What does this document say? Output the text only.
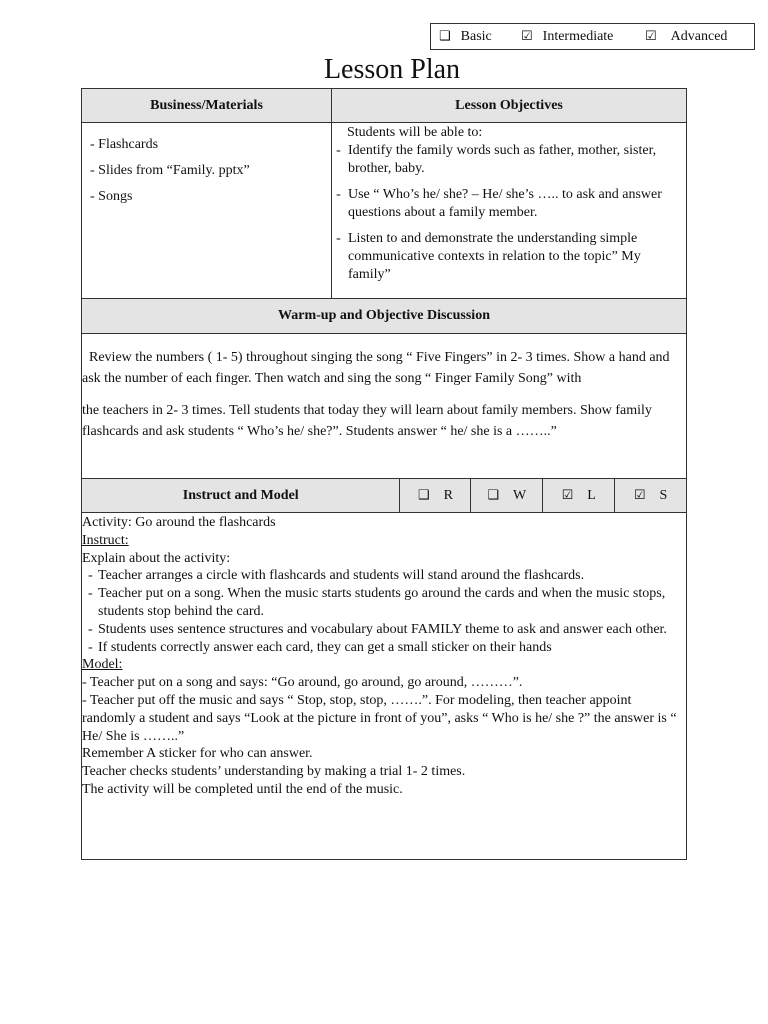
❑ Basic ☑ Intermediate ☑ Advanced
Lesson Plan
Business/Materials	Lesson Objectives
- Flashcards
- Slides from “Family. pptx”
- Songs

Students will be able to:

- Identify the family words such as father, mother, sister, brother, baby.
- Use “ Who’s he/ she? – He/ she’s ….. to ask and answer questions about a family member.
- Listen to and demonstrate the understanding simple communicative contexts in relation to the topic” My family”
Warm-up and Objective Discussion

Review the numbers ( 1- 5) throughout singing the song “ Five Fingers” in 2- 3 times. Show a hand and ask the number of each finger. Then watch and sing the song “ Finger Family Song” with

the teachers in 2- 3 times. Tell students that today they will learn about family members. Show family flashcards and ask students “ Who’s he/ she?”. Students answer “ he/ she is a ……..”

Instruct and Model	❑ R	❑ W	☑ L	☑ S

Activity: Go around the flashcards

Instruct:

Explain about the activity:

- Teacher arranges a circle with flashcards and students will stand around the flashcards.
- Teacher put on a song. When the music starts students go around the cards and when the music stops, students stop behind the card.
- Students uses sentence structures and vocabulary about FAMILY theme to ask and answer each other.
- If students correctly answer each card, they can get a small sticker on their hands

Model:

- Teacher put on a song and says: “Go around, go around, go around, ………”.

- Teacher put off the music and says “ Stop, stop, stop, …….”. For modeling, then teacher appoint randomly a student and says “Look at the picture in front of you”, asks “ Who is he/ she ?” the answer is “ He/ She is ……..”

Remember A sticker for who can answer.

Teacher checks students’ understanding by making a trial 1- 2 times.

The activity will be completed until the end of the music.
